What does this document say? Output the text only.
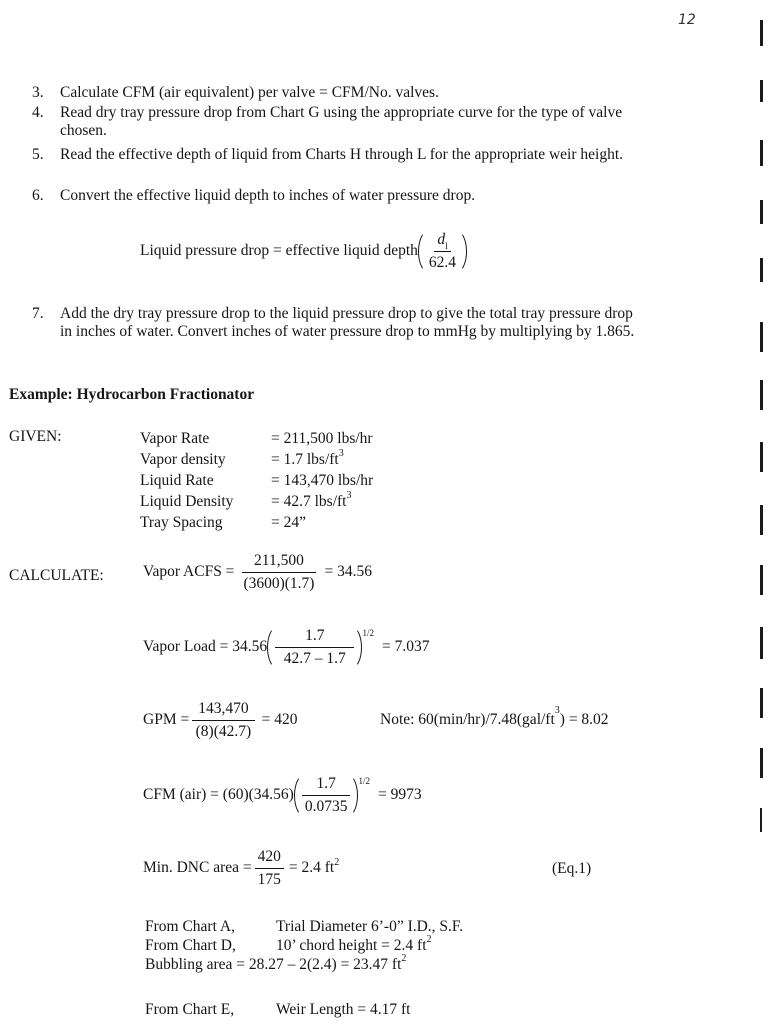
12
3. Calculate CFM (air equivalent) per valve = CFM/No. valves.
4. Read dry tray pressure drop from Chart G using the appropriate curve for the type of valve chosen.
5. Read the effective depth of liquid from Charts H through L for the appropriate weir height.
6. Convert the effective liquid depth to inches of water pressure drop.
Liquid pressure drop = effective liquid depth $\frac{dl}{62.4}$
7. Add the dry tray pressure drop to the liquid pressure drop to give the total tray pressure drop in inches of water. Convert inches of water pressure drop to mmHg by multiplying by 1.865.
Example: Hydrocarbon Fractionator
GIVEN:	Vapor Rate	= 211,500 lbs/hr
Vapor density	= 1.7 lbs/ft 3
Liquid Rate	= 143,470 lbs/hr
Liquid Density	= 42.7 lbs/ft 3
Tray Spacing	= 24”
CALCULATE:	Vapor ACFS = $\frac{211,500}{(3600)(1.7)} = 34.56$
Vapor Load = $34.56 \frac{1.7}{42.7 - 1.7} 1/2$
= 7.037
GPM = $\frac{143,470}{(8)(42.7)} = 420$	Note: $60(\min/hr)/7.48(gal/ft^3) = 8.02$
CFM $(air) = (60)(34.56) \frac{1.7}{0.0735} 1/2$
= 9973
Min. DNC area = $\frac{420}{175} = 2.4$ ft 2	(Eq.1)
From Chart A,	Trial Diameter 6’-0” I.D., S.F.
From Chart D,	10’ chord height = 2.4 ft 2
Bubbling area = 28.27 – 2(2.4) = 23.47 ft 2
From Chart E,	Weir Length = 4.17 ft
